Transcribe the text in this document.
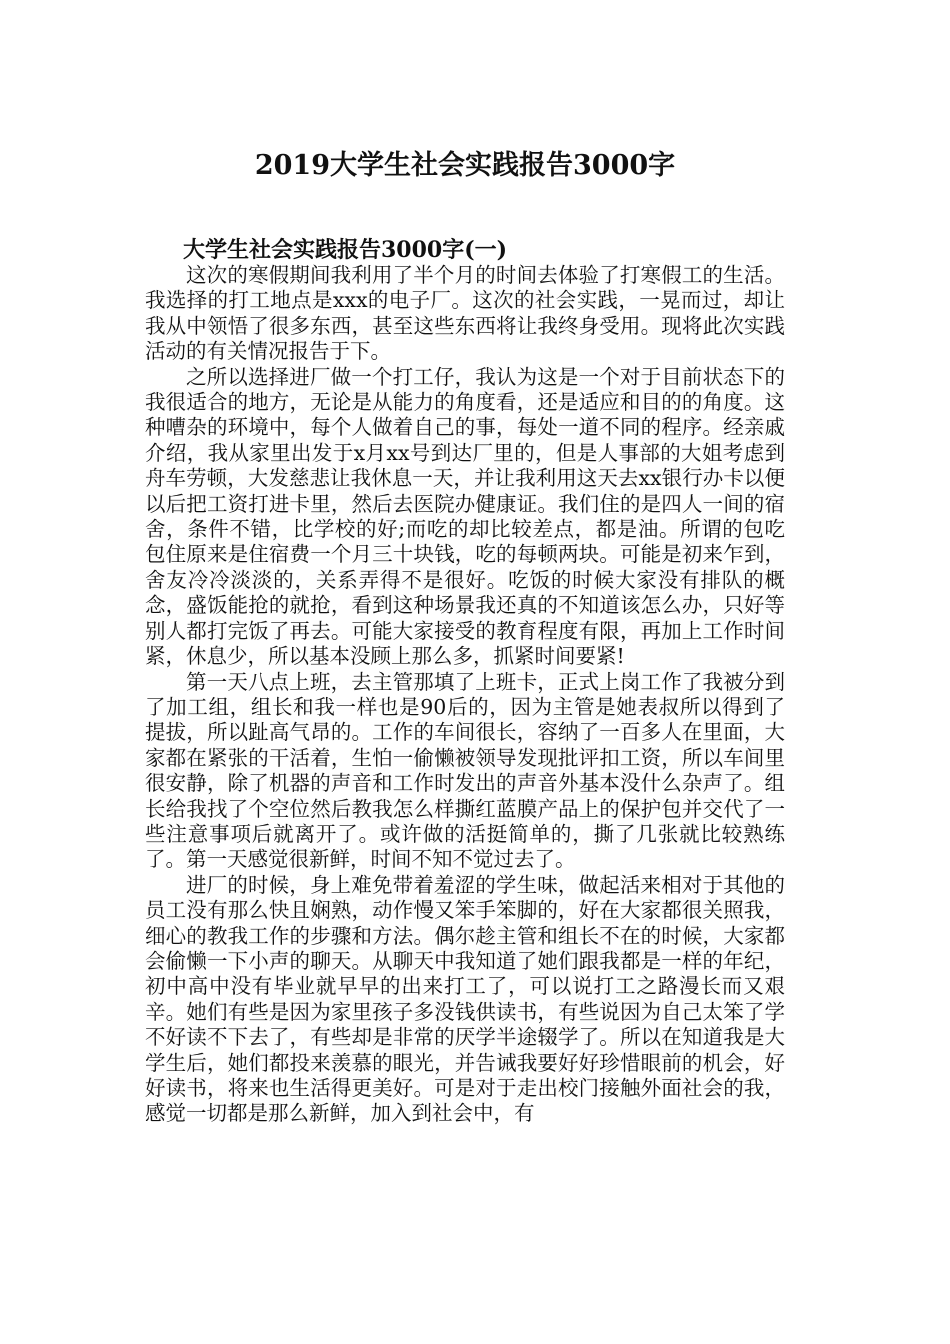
2019大学生社会实践报告3000字
大学生社会实践报告3000字(一)

这次的寒假期间我利用了半个月的时间去体验了打寒假工的生活。我选择的打工地点是xxx的电子厂。这次的社会实践，一晃而过，却让我从中领悟了很多东西，甚至这些东西将让我终身受用。现将此次实践活动的有关情况报告于下。

之所以选择进厂做一个打工仔，我认为这是一个对于目前状态下的我很适合的地方，无论是从能力的角度看，还是适应和目的的角度。这种嘈杂的环境中，每个人做着自己的事，每处一道不同的程序。经亲戚介绍，我从家里出发于x月xx号到达厂里的，但是人事部的大姐考虑到舟车劳顿，大发慈悲让我休息一天，并让我利用这天去xx银行办卡以便以后把工资打进卡里，然后去医院办健康证。我们住的是四人一间的宿舍，条件不错，比学校的好;而吃的却比较差点，都是油。所谓的包吃包住原来是住宿费一个月三十块钱，吃的每顿两块。可能是初来乍到，舍友冷冷淡淡的，关系弄得不是很好。吃饭的时候大家没有排队的概念，盛饭能抢的就抢，看到这种场景我还真的不知道该怎么办，只好等别人都打完饭了再去。可能大家接受的教育程度有限，再加上工作时间紧，休息少，所以基本没顾上那么多，抓紧时间要紧!

第一天八点上班，去主管那填了上班卡，正式上岗工作了我被分到了加工组，组长和我一样也是90后的，因为主管是她表叔所以得到了提拔，所以趾高气昂的。工作的车间很长，容纳了一百多人在里面，大家都在紧张的干活着，生怕一偷懒被领导发现批评扣工资，所以车间里很安静，除了机器的声音和工作时发出的声音外基本没什么杂声了。组长给我找了个空位然后教我怎么样撕红蓝膜产品上的保护包并交代了一些注意事项后就离开了。或许做的活挺简单的，撕了几张就比较熟练了。第一天感觉很新鲜，时间不知不觉过去了。

进厂的时候，身上难免带着羞涩的学生味，做起活来相对于其他的员工没有那么快且娴熟，动作慢又笨手笨脚的，好在大家都很关照我，细心的教我工作的步骤和方法。偶尔趁主管和组长不在的时候，大家都会偷懒一下小声的聊天。从聊天中我知道了她们跟我都是一样的年纪，初中高中没有毕业就早早的出来打工了，可以说打工之路漫长而又艰辛。她们有些是因为家里孩子多没钱供读书，有些说因为自己太笨了学不好读不下去了，有些却是非常的厌学半途辍学了。所以在知道我是大学生后，她们都投来羡慕的眼光，并告诫我要好好珍惜眼前的机会，好好读书，将来也生活得更美好。可是对于走出校门接触外面社会的我，感觉一切都是那么新鲜，加入到社会中，有
